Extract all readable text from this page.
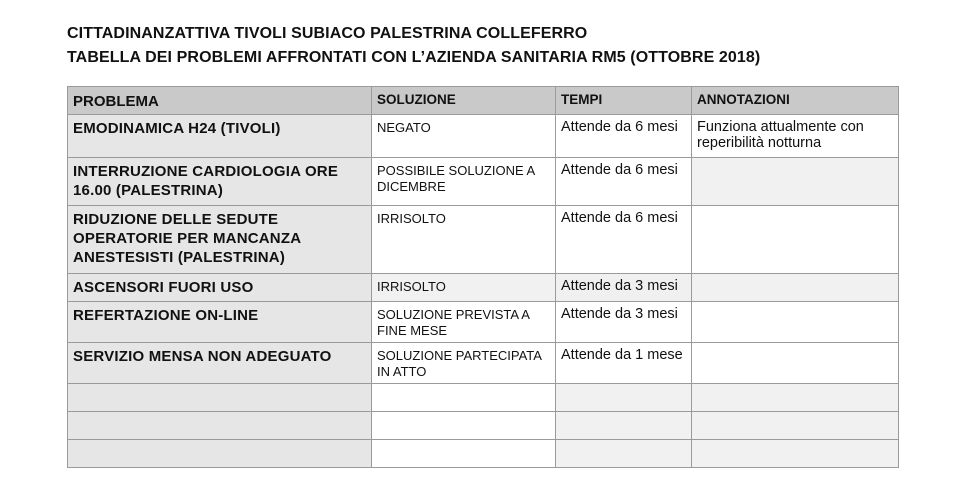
CITTADINANZATTIVA TIVOLI SUBIACO PALESTRINA COLLEFERRO
TABELLA DEI PROBLEMI AFFRONTATI CON L’AZIENDA SANITARIA RM5 (OTTOBRE 2018)
PROBLEMA	SOLUZIONE	TEMPI	ANNOTAZIONI
EMODINAMICA H24 (TIVOLI)	NEGATO	Attende da 6 mesi	Funziona attualmente con reperibilità notturna
INTERRUZIONE CARDIOLOGIA ORE 16.00 (PALESTRINA)	POSSIBILE SOLUZIONE A DICEMBRE	Attende da 6 mesi	
RIDUZIONE DELLE SEDUTE OPERATORIE PER MANCANZA ANESTESISTI (PALESTRINA)	IRRISOLTO	Attende da 6 mesi	
ASCENSORI FUORI USO	IRRISOLTO	Attende da 3 mesi	
REFERTAZIONE ON-LINE	SOLUZIONE PREVISTA A FINE MESE	Attende da 3 mesi	
SERVIZIO MENSA NON ADEGUATO	SOLUZIONE PARTECIPATA IN ATTO	Attende da 1 mese	
